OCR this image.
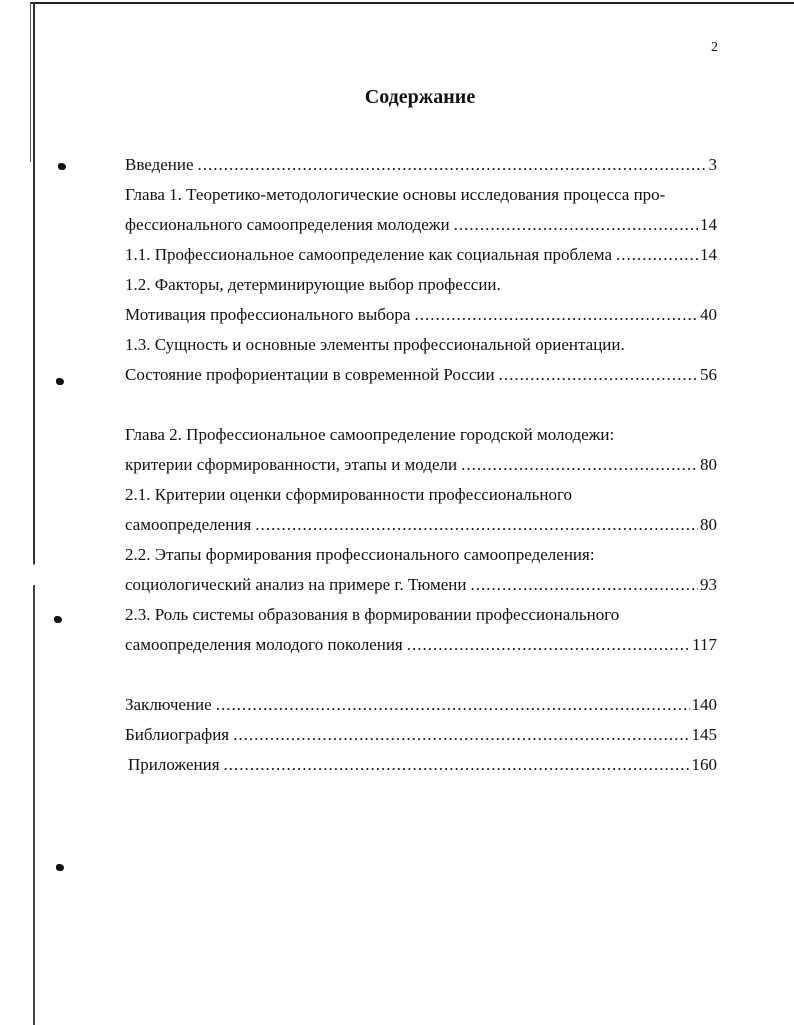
2
Содержание
Введение .....	3
Глава 1. Теоретико-методологические основы исследования процесса про-
фессионального самоопределения молодежи .....	14
1.1. Профессиональное самоопределение как социальная проблема .....	14
1.2. Факторы, детерминирующие выбор профессии.
Мотивация профессионального выбора .....	40
1.3. Сущность и основные элементы профессиональной ориентации.
Состояние профориентации в современной России .....	56
Глава 2. Профессиональное самоопределение городской молодежи:
критерии сформированности, этапы и модели .....	80
2.1. Критерии оценки сформированности профессионального
самоопределения .....	80
2.2. Этапы формирования профессионального самоопределения:
социологический анализ на примере г. Тюмени .....	93
2.3. Роль системы образования в формировании профессионального
самоопределения молодого поколения .....	117
Заключение .....	140
Библиография .....	145
Приложения .....	160
